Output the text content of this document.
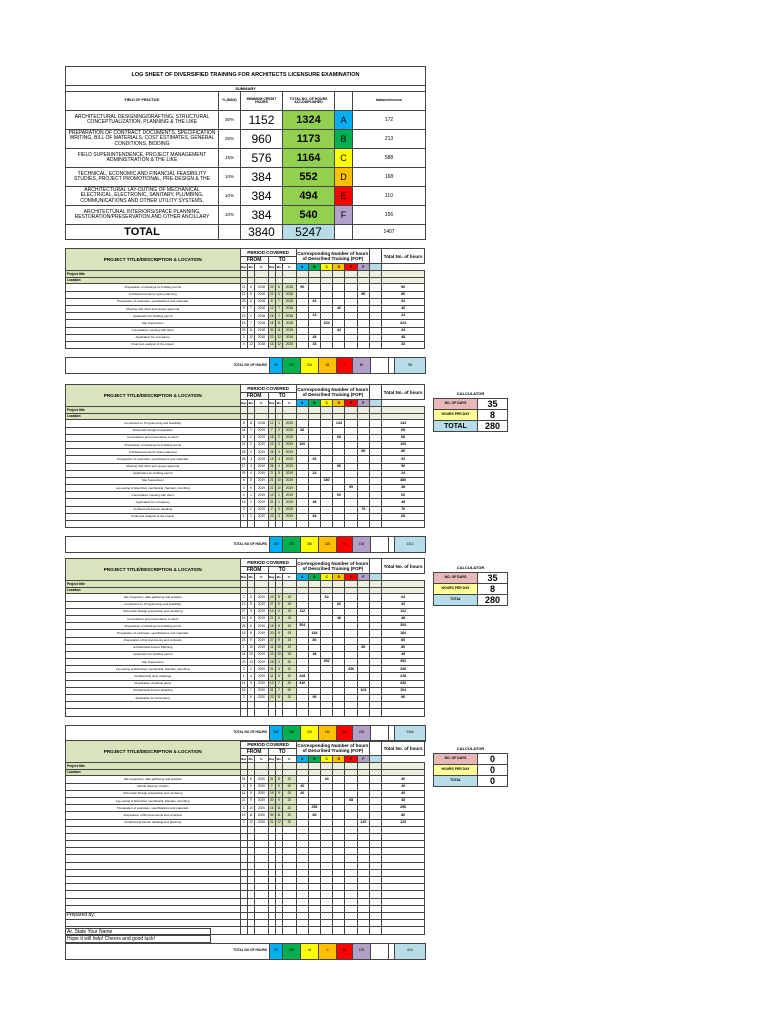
LOG SHEET OF DIVERSIFIED TRAINING FOR ARCHITECTS LICENSURE EXAMINATION					
SUMMARY					
FIELD OF PRACTICE	% (MAX)	MINIMUM CREDIT HOURS	TOTAL NO. OF HOURS ACCOMPLISHED		balance/excess
ARCHITECTURAL DESIGNING/DRAFTING, STRUCTURAL CONCEPTUALIZATION, PLANNING & THE LIKE	30%	1152	1324	A	172
PREPARATION OF CONTRACT DOCUMENTS, SPECIFICATION WRITING, BILL OF MATERIALS, COST ESTIMATES, GENERAL CONDITIONS, BIDDING	25%	960	1173	B	213
FIELD SUPERINTENDENCE, PROJECT MANAGEMENT ADMINISTRATION & THE LIKE	15%	576	1164	C	588
TECHNICAL, ECONOMIC AND FINANCIAL FEASIBILITY STUDIES, PROJECT PROMOTIONAL, PRE-DESIGN & THE	10%	384	552	D	168
ARCHITECTURAL LAY-OUTING OF MECHANICAL ELECTRICAL, ELECTRONIC, SANITARY, PLUMBING, COMMUNICATIONS AND OTHER UTILITY SYSTEMS,	10%	384	494	E	110
ARCHITECTURAL INTERIORS/SPACE PLANNING, RESTORATION/PRESERVATION AND OTHER ANCILLARY	10%	384	540	F	156
TOTAL		3840	5247		1407
PROJECT TITLE/DESCRIPTION & LOCATION	PERIOD COVERED						Corresponding Number of hours of Described Training (FOP)							Total No. of hours
	FROM			TO										
	Day	Mo.	Yr.	Day	Mo.	Yr.	A	B	C	D	E	F		
Project title:														
Location:														
Preparation of drawings for building permit	11	6	2018	22	6	2018	96							96
Architectural Interior space planning	13	6	2018	22	6	2018						80		80
Preparation of estimates, specifications and materials	25	6	2018	6	7	2018		92						92
Meeting with client and project approval	9	7	2018	12	7	2018				40				40
Application for building permit	13	7	2018	16	7	2018		24						24
Site Supervision	16	7	2018	15	11	2018			324					324
Consultation meeting with client	23	11	2018	30	11	2018				44				44
Application for occupancy	3	12	2018	10	12	2018		48						48
Final cost analysis of the project	4	12	2018	14	12	2018		33						33
TOTAL NO OF HOURS	96	197	324	84	0	80			781
PROJECT TITLE/DESCRIPTION & LOCATION	PERIOD COVERED						Corresponding Number of hours of Described Training (FOP)							Total No. of hours
	FROM			TO										
	Day	Mo.	Yr.	Day	Mo.	Yr.	A	B	C	D	E	F		
Project title:														
Location:														
Conducted sc. Programming and feasibility	8	11	2018	12	1	2019				144				144
Schematic Design preparation	14	1	2019	7	2	2019	68							68
Consultation and presentation to client	8	2	2019	18	2	2019				68				68
Preparation of drawings for building permit	21	2	2019	22	3	2019	100							100
Architectural Interior space planning	28	2	2019	25	3	2019						80		80
Preparation of estimates, specifications and materials	28	3	2019	15	4	2019		92						92
Meeting with client and project approval	17	4	2019	26	4	2019				56				56
Application for building permit	29	4	2019	3	5	2019		24						24
Site Supervision	6	5	2019	21	10	2019			380					380
Lay-outing of Electrical, mechanical, Sanitary, plumbing	3	9	2019	22	10	2019					90			48
Consultation meeting with client	4	1	2019	13	1	2019				60				60
Application for occupancy	16	1	2019	31	1	2019		48						48
Architectural Interior detailing	3	2	2019	2	2	2019						76		76
Final cost analysis of the project	1	1	2019	23	3	2019		68						68

TOTAL NO OF HOURS	168	232	380	328	90	156			1312
PROJECT TITLE/DESCRIPTION & LOCATION	PERIOD COVERED						Corresponding Number of hours of Described Training (FOP)							Total No. of hours
	FROM			TO										
	Day	Mo.	Yr.	Day	Mo.	Yr.	A	B	C	D	E	F		
Project title:														
Location:														
Site Inspection, data gathering and analysis	2	5	2019	10	5	19			64					64
Conducted sc. Programming and feasibility	13	5	2019	27	5	19				92				92
Schematic Design preparation and rendering	27	5	2019	14	6	19	112							112
Consultation and presentation to client	16	6	2019	21	6	19				48				48
Preparation of drawings for building permit	25	6	2019	16	8	19	304							304
Preparation of estimates, specifications and materials	19	8	2019	20	9	19		184						184
Preparation of bid documents and contracts	23	9	2019	27	9	19		80						80
Architectural Interior Planning	1	10	2019	11	10	19						80		80
Application for building permit	14	10	2019	22	10	19		48						48
Site Supervision	23	10	2019	28	3	20			352					352
Lay-outing of Electrical, mechanical, Sanitary, plumbing	3	2	2020	31	3	20					336			336
Architectural shop drawings	1	4	2020	11	5	20	228							228
Preparation of Asbuilt plans	14	5	2020	13	7	20	336							336
Architectural Interior Detailing	15	7	2020	31	7	20						104		104
Application for Occupancy	3	8	2020	23	8	20		96						96

TOTAL NO OF HOURS	980	408	416	140	336	184			2464
PROJECT TITLE/DESCRIPTION & LOCATION	PERIOD COVERED						Corresponding Number of hours of Described Training (FOP)							Total No. of hours
	FROM			TO										
	Day	Mo.	Yr.	Day	Mo.	Yr.	A	B	C	D	E	F		
Project title:														
Location:														
Site Inspection, data gathering and analysis	24	8	2020	31	8	20			44					40
Asbuilt drawing of plans	2	9	2020	7	9	20	40							40
Schematic Design preparation and rendering	14	9	2020	19	9	20	40							40
Lay-outing of Electrical, mechanical, Sanitary, plumbing	21	9	2020	30	9	20					68			48
Preparation of estimates, specifications and materials	3	10	2020	16	11	20		256						256
Preparation of Bid documents and contracts	19	11	2020	30	11	20		80						80
Architectural Interior detailing and planning	2	12	2020	21	12	20						120		120

TOTAL NO OF HOURS	80	336	44	0	68	120			624
CALCULATOR	
NO. OF DAYS	35
HOURS PER DAY	8
TOTAL	280
CALCULATOR	
NO. OF DAYS	35
HOURS PER DAY	8
TOTAL	280
CALCULATOR	
NO. OF DAYS	0
HOURS PER DAY	0
TOTAL	0
Prepared by:

Ar. State Your Name
Hope it will help! Cheers and good luck!
